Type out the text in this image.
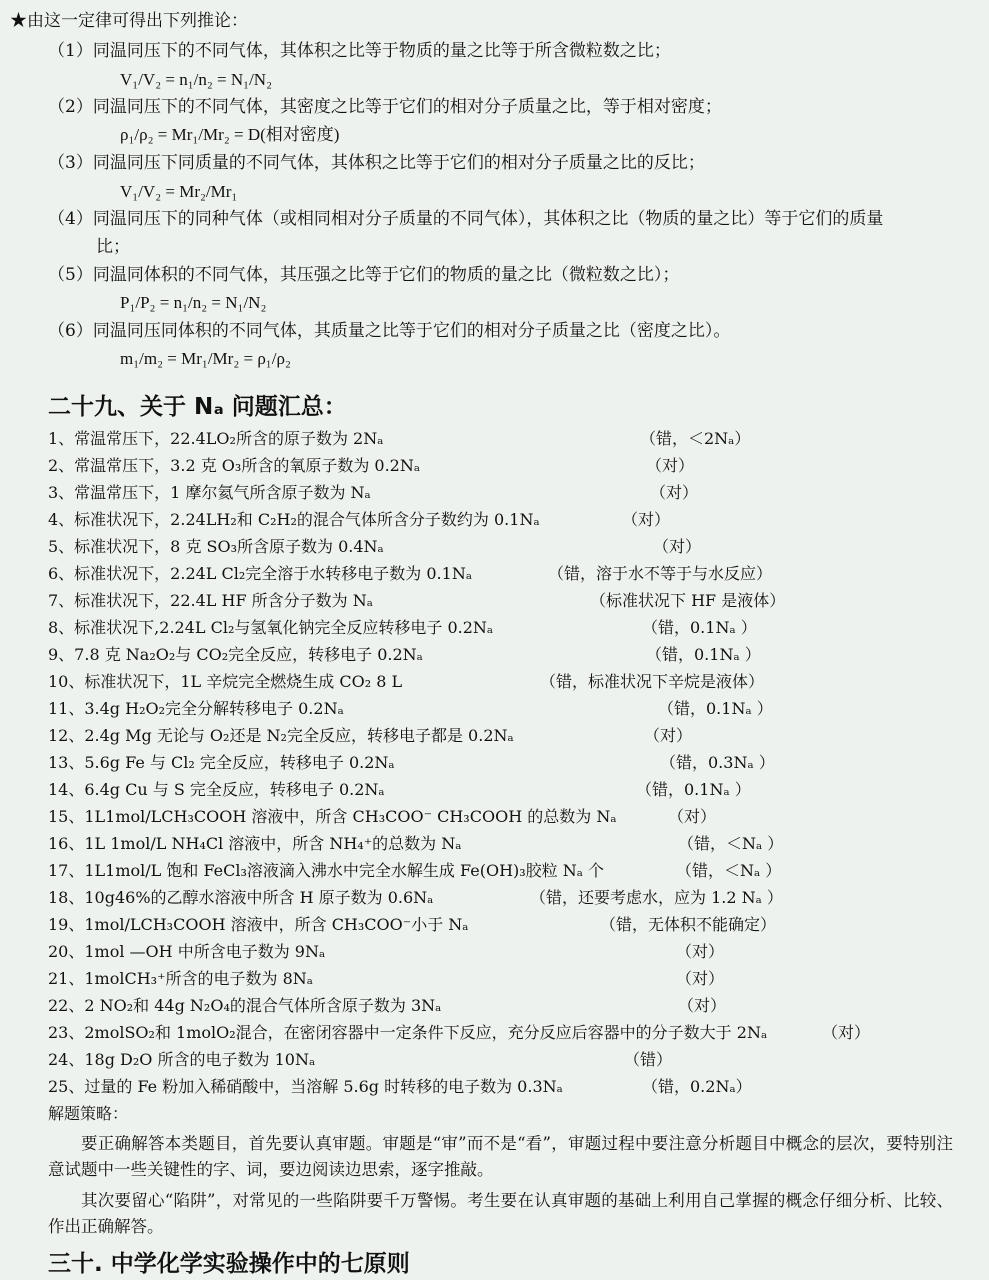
★由这一定律可得出下列推论：
（1）同温同压下的不同气体，其体积之比等于物质的量之比等于所含微粒数之比；
V₁/V₂ = n₁/n₂ = N₁/N₂
（2）同温同压下的不同气体，其密度之比等于它们的相对分子质量之比，等于相对密度；
ρ₁/ρ₂ = Mr₁/Mr₂ = D(相对密度)
（3）同温同压下同质量的不同气体，其体积之比等于它们的相对分子质量之比的反比；
V₁/V₂ = Mr₂/Mr₁
（4）同温同压下的同种气体（或相同相对分子质量的不同气体），其体积之比（物质的量之比）等于它们的质量
比；
（5）同温同体积的不同气体，其压强之比等于它们的物质的量之比（微粒数之比）；
P₁/P₂ = n₁/n₂ = N₁/N₂
（6）同温同压同体积的不同气体，其质量之比等于它们的相对分子质量之比（密度之比）。
m₁/m₂ = Mr₁/Mr₂ = ρ₁/ρ₂
二十九、关于 Nₐ 问题汇总：
1、常温常压下，22.4LO₂所含的原子数为 2Nₐ	（错，＜2Nₐ）
2、常温常压下，3.2 克 O₃所含的氧原子数为 0.2Nₐ	（对）
3、常温常压下，1 摩尔氦气所含原子数为 Nₐ	（对）
4、标准状况下，2.24LH₂和 C₂H₂的混合气体所含分子数约为 0.1Nₐ	（对）
5、标准状况下，8 克 SO₃所含原子数为 0.4Nₐ	（对）
6、标准状况下，2.24L Cl₂完全溶于水转移电子数为 0.1Nₐ	（错，溶于水不等于与水反应）
7、标准状况下，22.4L HF 所含分子数为 Nₐ	（标准状况下 HF 是液体）
8、标准状况下,2.24L Cl₂与氢氧化钠完全反应转移电子 0.2Nₐ	（错，0.1Nₐ ）
9、7.8 克 Na₂O₂与 CO₂完全反应，转移电子 0.2Nₐ	（错，0.1Nₐ ）
10、标准状况下，1L 辛烷完全燃烧生成 CO₂ 8 L	（错，标准状况下辛烷是液体）
11、3.4g H₂O₂完全分解转移电子 0.2Nₐ	（错，0.1Nₐ ）
12、2.4g Mg 无论与 O₂还是 N₂完全反应，转移电子都是 0.2Nₐ	（对）
13、5.6g Fe 与 Cl₂ 完全反应，转移电子 0.2Nₐ	（错，0.3Nₐ ）
14、6.4g Cu 与 S 完全反应，转移电子 0.2Nₐ	（错，0.1Nₐ ）
15、1L1mol/LCH₃COOH 溶液中，所含 CH₃COO⁻ CH₃COOH 的总数为 Nₐ	（对）
16、1L 1mol/L NH₄Cl 溶液中，所含 NH₄⁺的总数为 Nₐ	（错，＜Nₐ ）
17、1L1mol/L 饱和 FeCl₃溶液滴入沸水中完全水解生成 Fe(OH)₃胶粒 Nₐ 个	（错，＜Nₐ ）
18、10g46%的乙醇水溶液中所含 H 原子数为 0.6Nₐ	（错，还要考虑水，应为 1.2 Nₐ ）
19、1mol/LCH₃COOH 溶液中，所含 CH₃COO⁻小于 Nₐ	（错，无体积不能确定）
20、1mol —OH 中所含电子数为 9Nₐ	（对）
21、1molCH₃⁺所含的电子数为 8Nₐ	（对）
22、2 NO₂和 44g N₂O₄的混合气体所含原子数为 3Nₐ	（对）
23、2molSO₂和 1molO₂混合，在密闭容器中一定条件下反应，充分反应后容器中的分子数大于 2Nₐ	（对）
24、18g D₂O 所含的电子数为 10Nₐ	（错）
25、过量的 Fe 粉加入稀硝酸中，当溶解 5.6g 时转移的电子数为 0.3Nₐ	（错，0.2Nₐ）
解题策略：
要正确解答本类题目，首先要认真审题。审题是“审”而不是“看”，审题过程中要注意分析题目中概念的层次，要特别注意试题中一些关键性的字、词，要边阅读边思索，逐字推敲。
其次要留心“陷阱”，对常见的一些陷阱要千万警惕。考生要在认真审题的基础上利用自己掌握的概念仔细分析、比较、作出正确解答。
三十. 中学化学实验操作中的七原则
